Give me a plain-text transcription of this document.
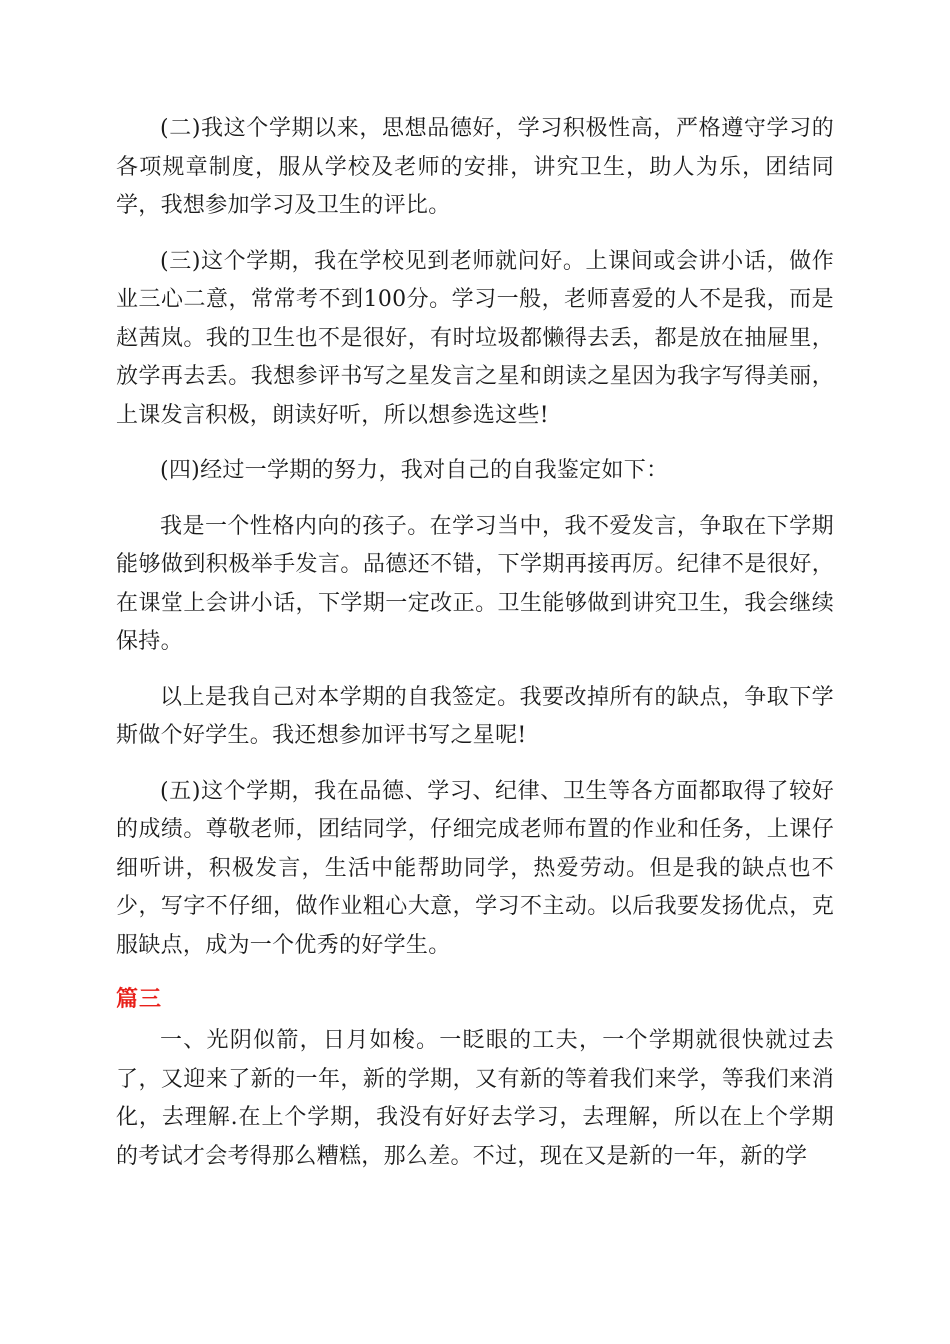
(二)我这个学期以来，思想品德好，学习积极性高，严格遵守学习的各项规章制度，服从学校及老师的安排，讲究卫生，助人为乐，团结同学，我想参加学习及卫生的评比。

(三)这个学期，我在学校见到老师就问好。上课间或会讲小话，做作业三心二意，常常考不到100分。学习一般，老师喜爱的人不是我，而是赵茜岚。我的卫生也不是很好，有时垃圾都懒得去丢，都是放在抽屉里，放学再去丢。我想参评书写之星发言之星和朗读之星因为我字写得美丽，上课发言积极，朗读好听，所以想参选这些!

(四)经过一学期的努力，我对自己的自我鉴定如下：

我是一个性格内向的孩子。在学习当中，我不爱发言，争取在下学期能够做到积极举手发言。品德还不错，下学期再接再厉。纪律不是很好，在课堂上会讲小话，下学期一定改正。卫生能够做到讲究卫生，我会继续保持。

以上是我自己对本学期的自我签定。我要改掉所有的缺点，争取下学斯做个好学生。我还想参加评书写之星呢!

(五)这个学期，我在品德、学习、纪律、卫生等各方面都取得了较好的成绩。尊敬老师，团结同学，仔细完成老师布置的作业和任务，上课仔细听讲，积极发言，生活中能帮助同学，热爱劳动。但是我的缺点也不少，写字不仔细，做作业粗心大意，学习不主动。以后我要发扬优点，克服缺点，成为一个优秀的好学生。

篇三

一、光阴似箭，日月如梭。一眨眼的工夫，一个学期就很快就过去了，又迎来了新的一年，新的学期，又有新的等着我们来学，等我们来消化，去理解.在上个学期，我没有好好去学习，去理解，所以在上个学期的考试才会考得那么糟糕，那么差。不过，现在又是新的一年，新的学
